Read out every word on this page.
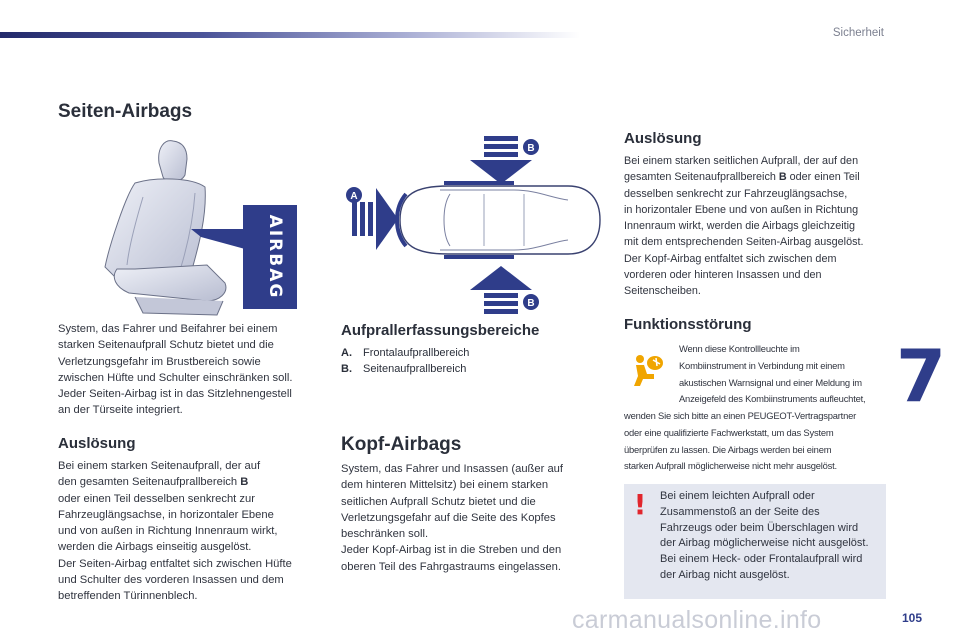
Sicherheit
7
105
carmanualsonline.info
Seiten-Airbags
AIRBAG
System, das Fahrer und Beifahrer bei einem
starken Seitenaufprall Schutz bietet und die
Verletzungsgefahr im Brustbereich sowie
zwischen Hüfte und Schulter einschränken soll.
Jeder Seiten-Airbag ist in das Sitzlehnengestell
an der Türseite integriert.
Auslösung
Bei einem starken Seitenaufprall, der auf
den gesamten Seitenaufprallbereich B
oder einen Teil desselben senkrecht zur
Fahrzeuglängsachse, in horizontaler Ebene
und von außen in Richtung Innenraum wirkt,
werden die Airbags einseitig ausgelöst.
Der Seiten-Airbag entfaltet sich zwischen Hüfte
und Schulter des vorderen Insassen und dem
betreffenden Türinnenblech.
B
A
B
Aufprallerfassungsbereiche
A. Frontalaufprallbereich
B. Seitenaufprallbereich
Kopf-Airbags
System, das Fahrer und Insassen (außer auf
dem hinteren Mittelsitz) bei einem starken
seitlichen Aufprall Schutz bietet und die
Verletzungsgefahr auf die Seite des Kopfes
beschränken soll.
Jeder Kopf-Airbag ist in die Streben und den
oberen Teil des Fahrgastraums eingelassen.
Auslösung
Bei einem starken seitlichen Aufprall, der auf den
gesamten Seitenaufprallbereich B oder einen Teil
desselben senkrecht zur Fahrzeuglängsachse,
in horizontaler Ebene und von außen in Richtung
Innenraum wirkt, werden die Airbags gleichzeitig
mit dem entsprechenden Seiten-Airbag ausgelöst.
Der Kopf-Airbag entfaltet sich zwischen dem
vorderen oder hinteren Insassen und den
Seitenscheiben.
Funktionsstörung
Wenn diese Kontrollleuchte im
Kombiinstrument in Verbindung mit einem
akustischen Warnsignal und einer Meldung im
Anzeigefeld des Kombiinstruments aufleuchtet,
wenden Sie sich bitte an einen PEUGEOT-Vertragspartner
oder eine qualifizierte Fachwerkstatt, um das System
überprüfen zu lassen. Die Airbags werden bei einem
starken Aufprall möglicherweise nicht mehr ausgelöst.
! Bei einem leichten Aufprall oder
Zusammenstoß an der Seite des
Fahrzeugs oder beim Überschlagen wird
der Airbag möglicherweise nicht ausgelöst.
Bei einem Heck- oder Frontalaufprall wird
der Airbag nicht ausgelöst.
